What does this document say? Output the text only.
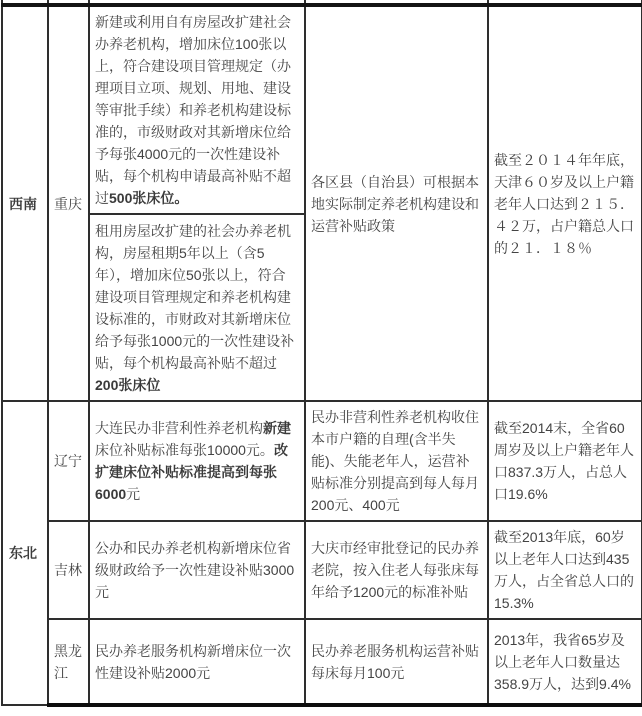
西南	重庆	新建或利用自有房屋改扩建社会办养老机构，增加床位100张以上，符合建设项目管理规定（办理项目立项、规划、用地、建设等审批手续）和养老机构建设标准的，市级财政对其新增床位给予每张4000元的一次性建设补贴，每个机构申请最高补贴不超过500张床位。	各区县（自治县）可根据本地实际制定养老机构建设和运营补贴政策	截至２０１４年年底，天津６０岁及以上户籍老年人口达到２１５．４２万，占户籍总人口的２１．１８％
		租用房屋改扩建的社会办养老机构，房屋租期5年以上（含5年），增加床位50张以上，符合建设项目管理规定和养老机构建设标准的，市财政对其新增床位给予每张1000元的一次性建设补贴，每个机构最高补贴不超过200张床位		
东北	辽宁	大连民办非营利性养老机构新建床位补贴标准每张10000元。改扩建床位补贴标准提高到每张6000元	民办非营利性养老机构收住本市户籍的自理(含半失能)、失能老年人，运营补贴标准分别提高到每人每月200元、400元	截至2014末，全省60周岁及以上户籍老年人口837.3万人，占总人口19.6%
	吉林	公办和民办养老机构新增床位省级财政给予一次性建设补贴3000元	大庆市经审批登记的民办养老院，按入住老人每张床每年给予1200元的标准补贴	截至2013年底，60岁以上老年人口达到435万人，占全省总人口的15.3%
	黑龙江	民办养老服务机构新增床位一次性建设补贴2000元	民办养老服务机构运营补贴每床每月100元	2013年，我省65岁及以上老年人口数量达358.9万人，达到9.4%
